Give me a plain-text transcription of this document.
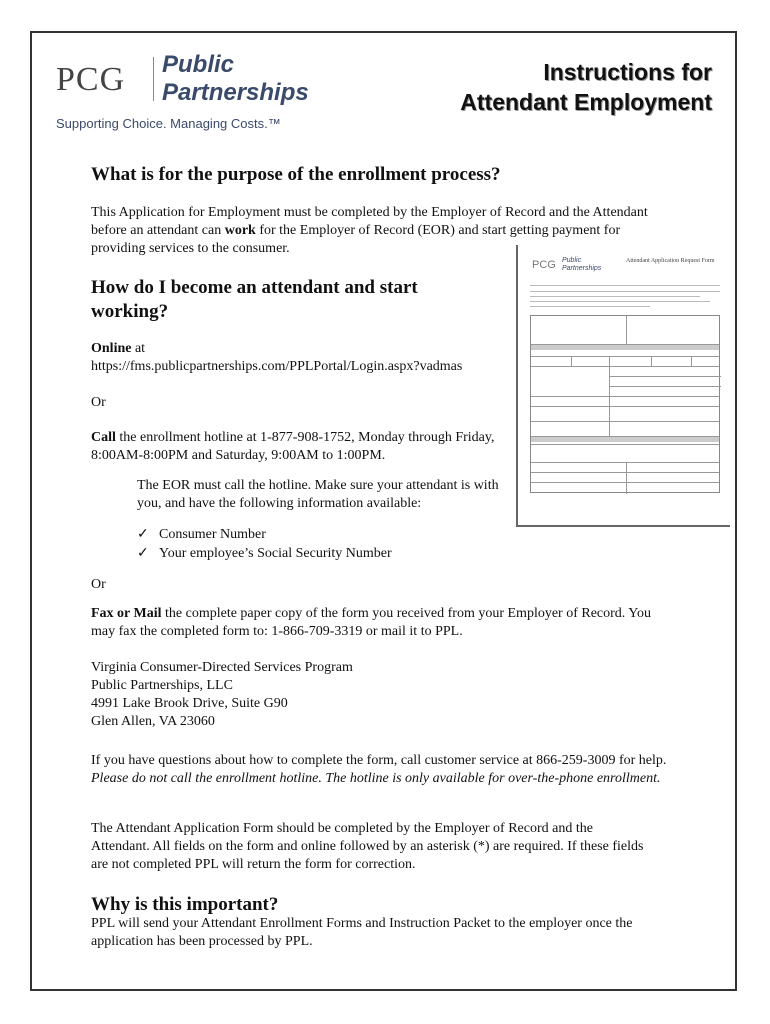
PCG Public
Partnerships
Supporting Choice. Managing Costs.™
Instructions for
Attendant Employment
What is for the purpose of the enrollment process?

This Application for Employment must be completed by the Employer of Record and the Attendant before an attendant can work for the Employer of Record (EOR) and start getting payment for providing services to the consumer.

How do I become an attendant and start working?

Online at
https://fms.publicpartnerships.com/PPLPortal/Login.aspx?vadmas

Or

Call the enrollment hotline at 1-877-908-1752, Monday through Friday, 8:00AM-8:00PM and Saturday, 9:00AM to 1:00PM.

The EOR must call the hotline. Make sure your attendant is with you, and have the following information available:

✓ Consumer Number
✓ Your employee’s Social Security Number

Or

Fax or Mail the complete paper copy of the form you received from your Employer of Record. You may fax the completed form to: 1-866-709-3319 or mail it to PPL.

Virginia Consumer-Directed Services Program
Public Partnerships, LLC
4991 Lake Brook Drive, Suite G90
Glen Allen, VA 23060

If you have questions about how to complete the form, call customer service at 866-259-3009 for help. Please do not call the enrollment hotline. The hotline is only available for over-the-phone enrollment.

The Attendant Application Form should be completed by the Employer of Record and the Attendant. All fields on the form and online followed by an asterisk (*) are required. If these fields are not completed PPL will return the form for correction.

Why is this important?

PPL will send your Attendant Enrollment Forms and Instruction Packet to the employer once the application has been processed by PPL.

PCG Public Partnerships
Attendant Application Request Form
